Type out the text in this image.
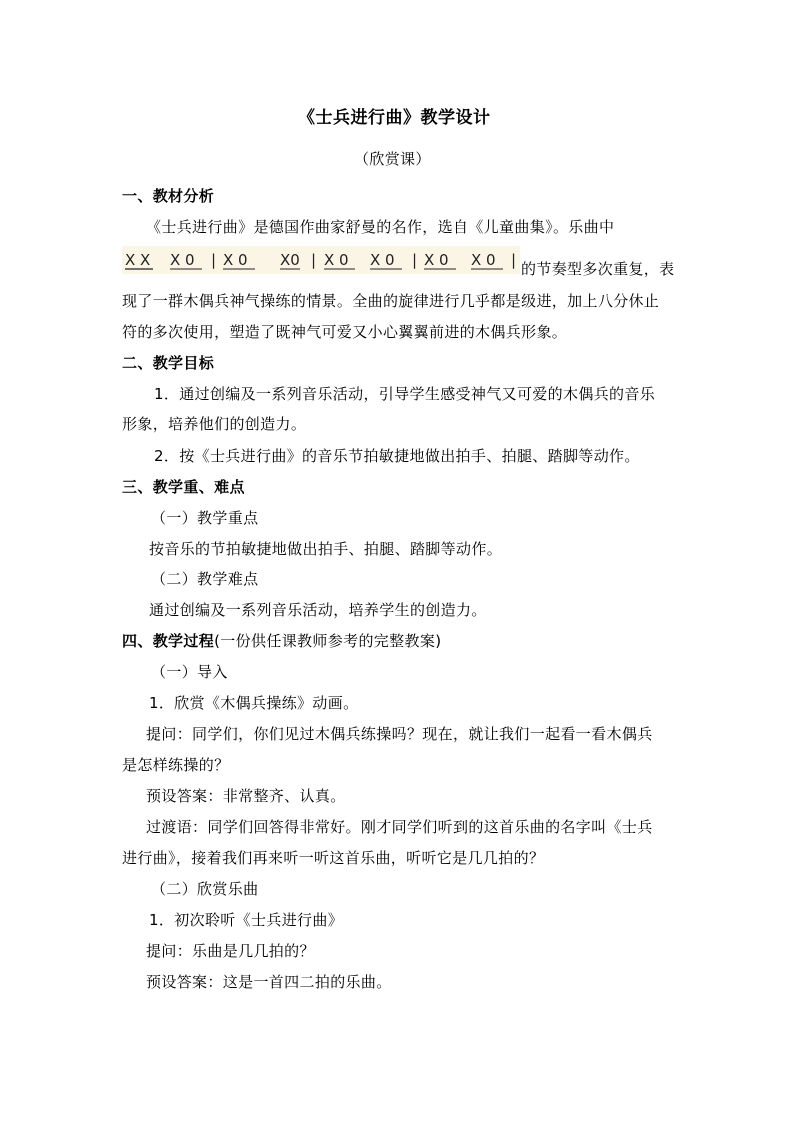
《士兵进行曲》教学设计
（欣赏课）
一、教材分析
《士兵进行曲》是德国作曲家舒曼的名作，选自《儿童曲集》。乐曲中
X X X 0 | X 0 X0 | X 0 X 0 | X 0 X 0 | 的节奏型多次重复，表
现了一群木偶兵神气操练的情景。全曲的旋律进行几乎都是级进，加上八分休止
符的多次使用，塑造了既神气可爱又小心翼翼前进的木偶兵形象。
二、教学目标
1．通过创编及一系列音乐活动，引导学生感受神气又可爱的木偶兵的音乐
形象，培养他们的创造力。
2．按《士兵进行曲》的音乐节拍敏捷地做出拍手、拍腿、踏脚等动作。
三、教学重、难点
（一）教学重点
按音乐的节拍敏捷地做出拍手、拍腿、踏脚等动作。
（二）教学难点
通过创编及一系列音乐活动，培养学生的创造力。
四、教学过程(一份供任课教师参考的完整教案)
（一）导入
1．欣赏《木偶兵操练》动画。
提问：同学们，你们见过木偶兵练操吗？现在，就让我们一起看一看木偶兵
是怎样练操的？
预设答案：非常整齐、认真。
过渡语：同学们回答得非常好。刚才同学们听到的这首乐曲的名字叫《士兵
进行曲》，接着我们再来听一听这首乐曲，听听它是几几拍的？
（二）欣赏乐曲
1．初次聆听《士兵进行曲》
提问：乐曲是几几拍的？
预设答案：这是一首四二拍的乐曲。
